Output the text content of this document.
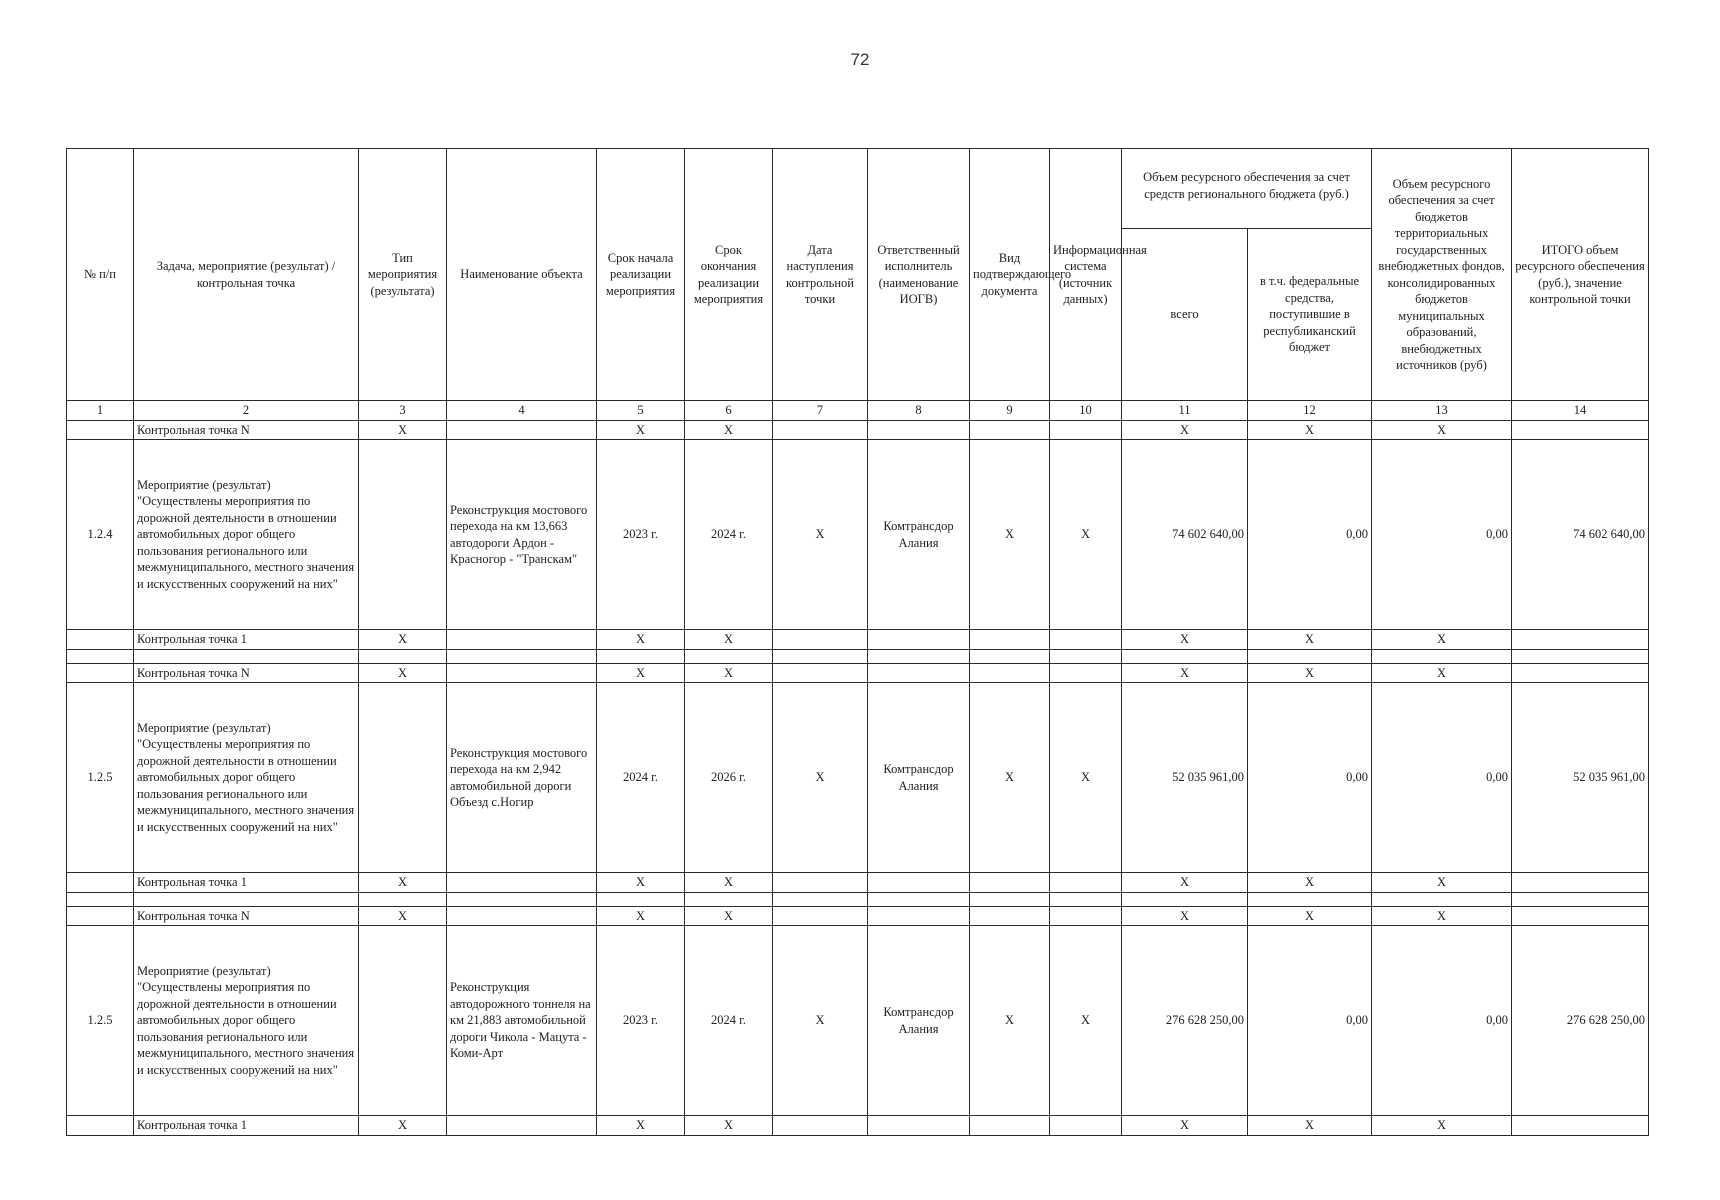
72
№ п/п	Задача, мероприятие (результат) / контрольная точка	Тип мероприятия (результата)	Наименование объекта	Срок начала реализации мероприятия	Срок окончания реализации мероприятия	Дата наступления контрольной точки	Ответственный исполнитель (наименование ИОГВ)	Вид подтверждающего документа	Информационная система (источник данных)	Объем ресурсного обеспечения за счет средств регионального бюджета (руб.)		Объем ресурсного обеспечения за счет бюджетов территориальных государственных внебюджетных фондов, консолидированных бюджетов муниципальных образований, внебюджетных источников (руб)	ИТОГО объем ресурсного обеспечения (руб.), значение контрольной точки
										всего	в т.ч. федеральные средства, поступившие в республиканский бюджет		
1	2	3	4	5	6	7	8	9	10	11	12	13	14
	Контрольная точка N	X		X	X					X	X	X	
1.2.4	Мероприятие (результат) "Осуществлены мероприятия по дорожной деятельности в отношении автомобильных дорог общего пользования регионального или межмуниципального, местного значения и искусственных сооружений на них"		Реконструкция мостового перехода на км 13,663 автодороги Ардон - Красногор - "Транскам"	2023 г.	2024 г.	X	Комтрансдор Алания	X	X	74 602 640,00	0,00	0,00	74 602 640,00
	Контрольная точка 1	X		X	X					X	X	X	

	Контрольная точка N	X		X	X					X	X	X	
1.2.5	Мероприятие (результат) "Осуществлены мероприятия по дорожной деятельности в отношении автомобильных дорог общего пользования регионального или межмуниципального, местного значения и искусственных сооружений на них"		Реконструкция мостового перехода на км 2,942 автомобильной дороги Объезд с.Ногир	2024 г.	2026 г.	X	Комтрансдор Алания	X	X	52 035 961,00	0,00	0,00	52 035 961,00
	Контрольная точка 1	X		X	X					X	X	X	

	Контрольная точка N	X		X	X					X	X	X	
1.2.5	Мероприятие (результат) "Осуществлены мероприятия по дорожной деятельности в отношении автомобильных дорог общего пользования регионального или межмуниципального, местного значения и искусственных сооружений на них"		Реконструкция автодорожного тоннеля на км 21,883 автомобильной дороги Чикола - Мацута - Коми-Арт	2023 г.	2024 г.	X	Комтрансдор Алания	X	X	276 628 250,00	0,00	0,00	276 628 250,00
	Контрольная точка 1	X		X	X					X	X	X	
